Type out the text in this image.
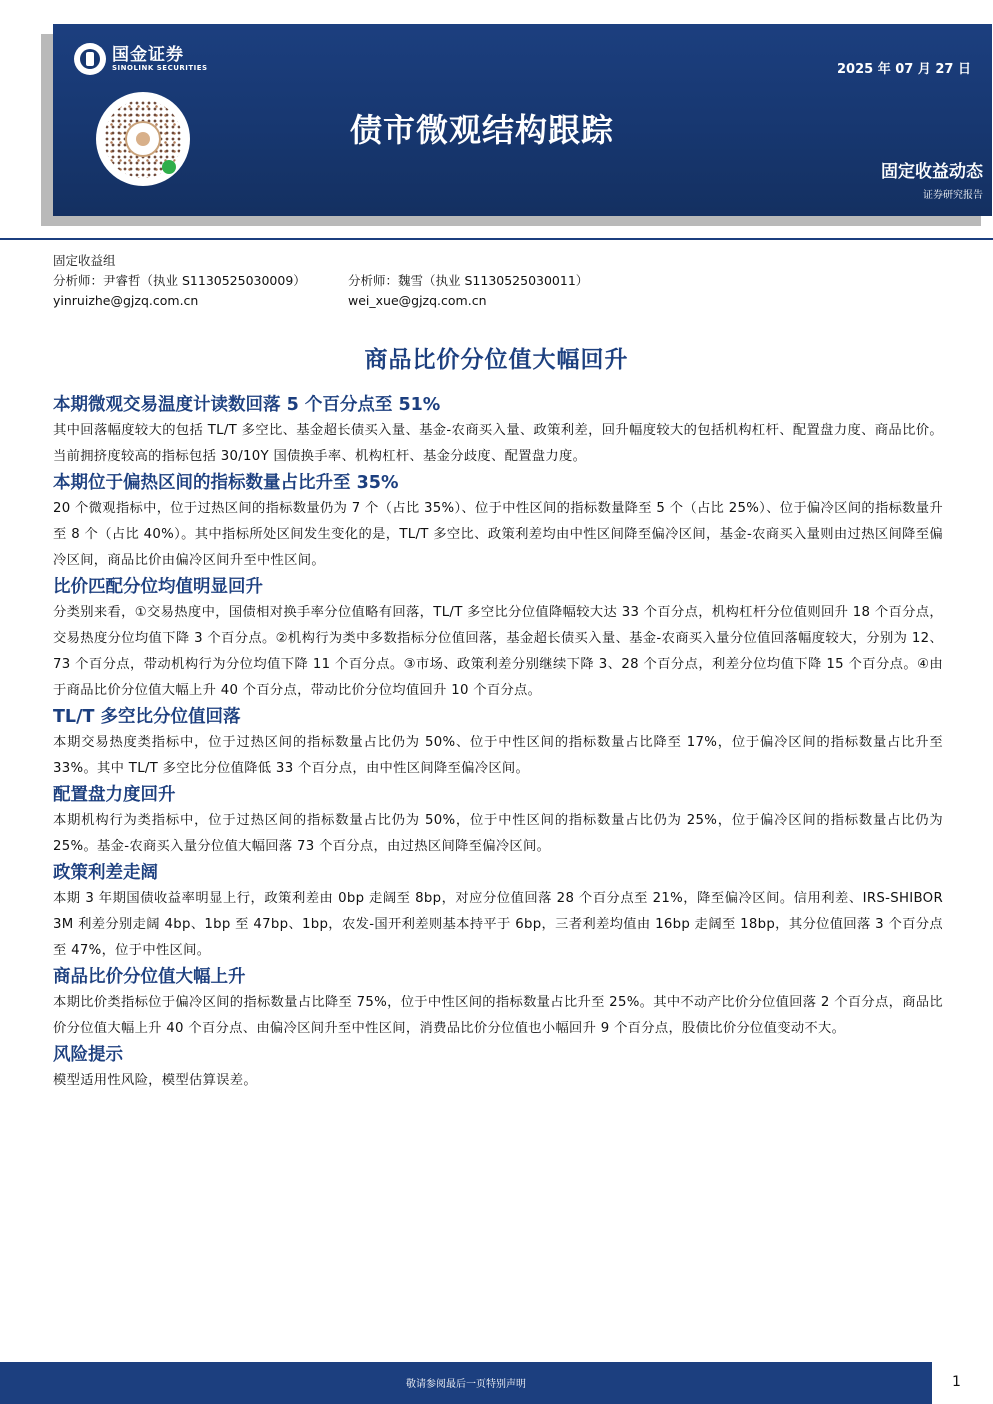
国金证券
SINOLINK SECURITIES	2025 年 07 月 27 日
债市微观结构跟踪
固定收益动态
证券研究报告
固定收益组
分析师：尹睿哲（执业 S1130525030009）	分析师：魏雪（执业 S1130525030011）
yinruizhe@gjzq.com.cn	wei_xue@gjzq.com.cn
商品比价分位值大幅回升
本期微观交易温度计读数回落 5 个百分点至 51%

其中回落幅度较大的包括 TL/T 多空比、基金超长债买入量、基金-农商买入量、政策利差，回升幅度较大的包括机构杠杆、配置盘力度、商品比价。当前拥挤度较高的指标包括 30/10Y 国债换手率、机构杠杆、基金分歧度、配置盘力度。

本期位于偏热区间的指标数量占比升至 35%

20 个微观指标中，位于过热区间的指标数量仍为 7 个（占比 35%）、位于中性区间的指标数量降至 5 个（占比 25%）、位于偏冷区间的指标数量升至 8 个（占比 40%）。其中指标所处区间发生变化的是，TL/T 多空比、政策利差均由中性区间降至偏冷区间，基金-农商买入量则由过热区间降至偏冷区间，商品比价由偏冷区间升至中性区间。

比价匹配分位均值明显回升

分类别来看，①交易热度中，国债相对换手率分位值略有回落，TL/T 多空比分位值降幅较大达 33 个百分点，机构杠杆分位值则回升 18 个百分点，交易热度分位均值下降 3 个百分点。②机构行为类中多数指标分位值回落，基金超长债买入量、基金-农商买入量分位值回落幅度较大，分别为 12、73 个百分点，带动机构行为分位均值下降 11 个百分点。③市场、政策利差分别继续下降 3、28 个百分点，利差分位均值下降 15 个百分点。④由于商品比价分位值大幅上升 40 个百分点，带动比价分位均值回升 10 个百分点。

TL/T 多空比分位值回落

本期交易热度类指标中，位于过热区间的指标数量占比仍为 50%、位于中性区间的指标数量占比降至 17%，位于偏冷区间的指标数量占比升至 33%。其中 TL/T 多空比分位值降低 33 个百分点，由中性区间降至偏冷区间。

配置盘力度回升

本期机构行为类指标中，位于过热区间的指标数量占比仍为 50%，位于中性区间的指标数量占比仍为 25%，位于偏冷区间的指标数量占比仍为 25%。基金-农商买入量分位值大幅回落 73 个百分点，由过热区间降至偏冷区间。

政策利差走阔

本期 3 年期国债收益率明显上行，政策利差由 0bp 走阔至 8bp，对应分位值回落 28 个百分点至 21%，降至偏冷区间。信用利差、IRS-SHIBOR 3M 利差分别走阔 4bp、1bp 至 47bp、1bp，农发-国开利差则基本持平于 6bp，三者利差均值由 16bp 走阔至 18bp，其分位值回落 3 个百分点至 47%，位于中性区间。

商品比价分位值大幅上升

本期比价类指标位于偏冷区间的指标数量占比降至 75%，位于中性区间的指标数量占比升至 25%。其中不动产比价分位值回落 2 个百分点，商品比价分位值大幅上升 40 个百分点、由偏冷区间升至中性区间，消费品比价分位值也小幅回升 9 个百分点，股债比价分位值变动不大。

风险提示

模型适用性风险，模型估算误差。

敬请参阅最后一页特别声明	1
